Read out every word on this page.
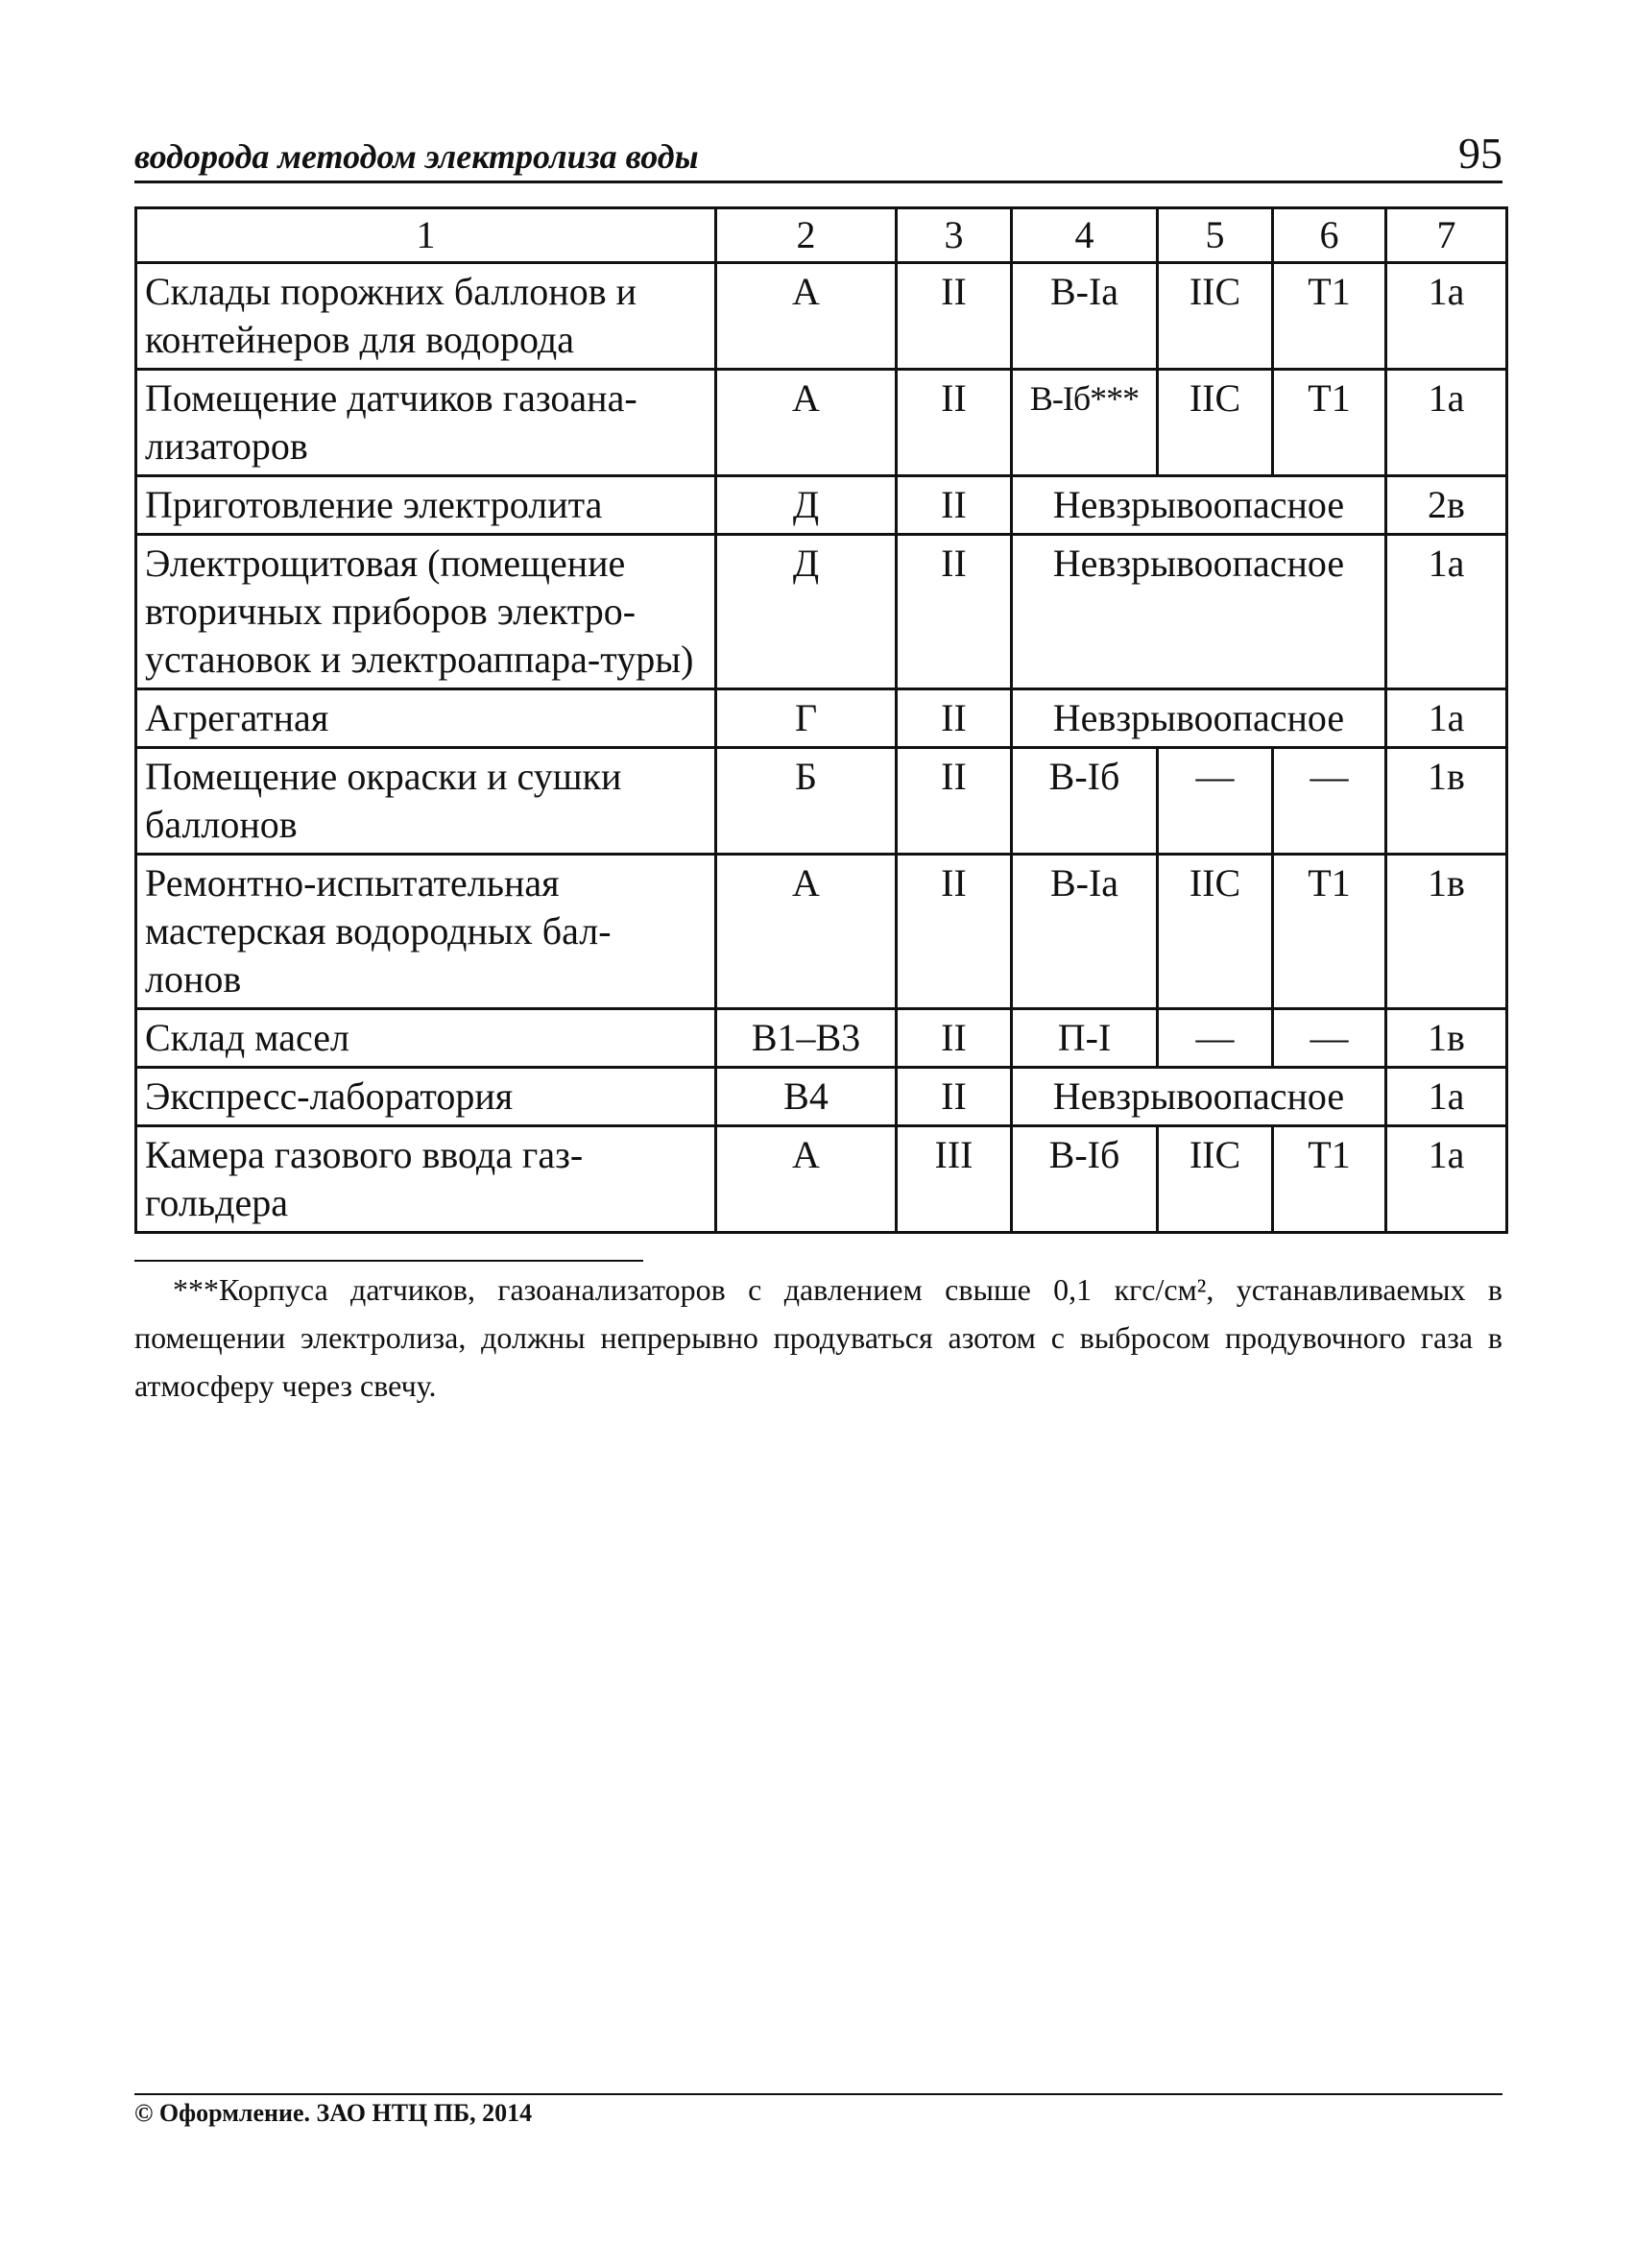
водорода методом электролиза воды	95
1	2	3	4	5	6	7
Склады порожних баллонов и контейнеров для водорода	А	II	В-Iа	IIC	Т1	1а
Помещение датчиков газоана-лизаторов	А	II	В-Iб***	IIC	Т1	1а
Приготовление электролита	Д	II	Невзрывоопасное			2в
Электрощитовая (помещение вторичных приборов электро-установок и электроаппара-туры)	Д	II	Невзрывоопасное			1а
Агрегатная	Г	II	Невзрывоопасное			1а
Помещение окраски и сушки баллонов	Б	II	В-Iб	—	—	1в
Ремонтно-испытательная мастерская водородных бал-лонов	А	II	В-Iа	IIC	Т1	1в
Склад масел	В1–В3	II	П-I	—	—	1в
Экспресс-лаборатория	В4	II	Невзрывоопасное			1а
Камера газового ввода газ-гольдера	А	III	В-Iб	IIC	Т1	1а
***Корпуса датчиков, газоанализаторов с давлением свыше 0,1 кгс/см², устанавливаемых в помещении электролиза, должны непрерывно продуваться азотом с выбросом продувочного газа в атмосферу через свечу.
© Оформление. ЗАО НТЦ ПБ, 2014
